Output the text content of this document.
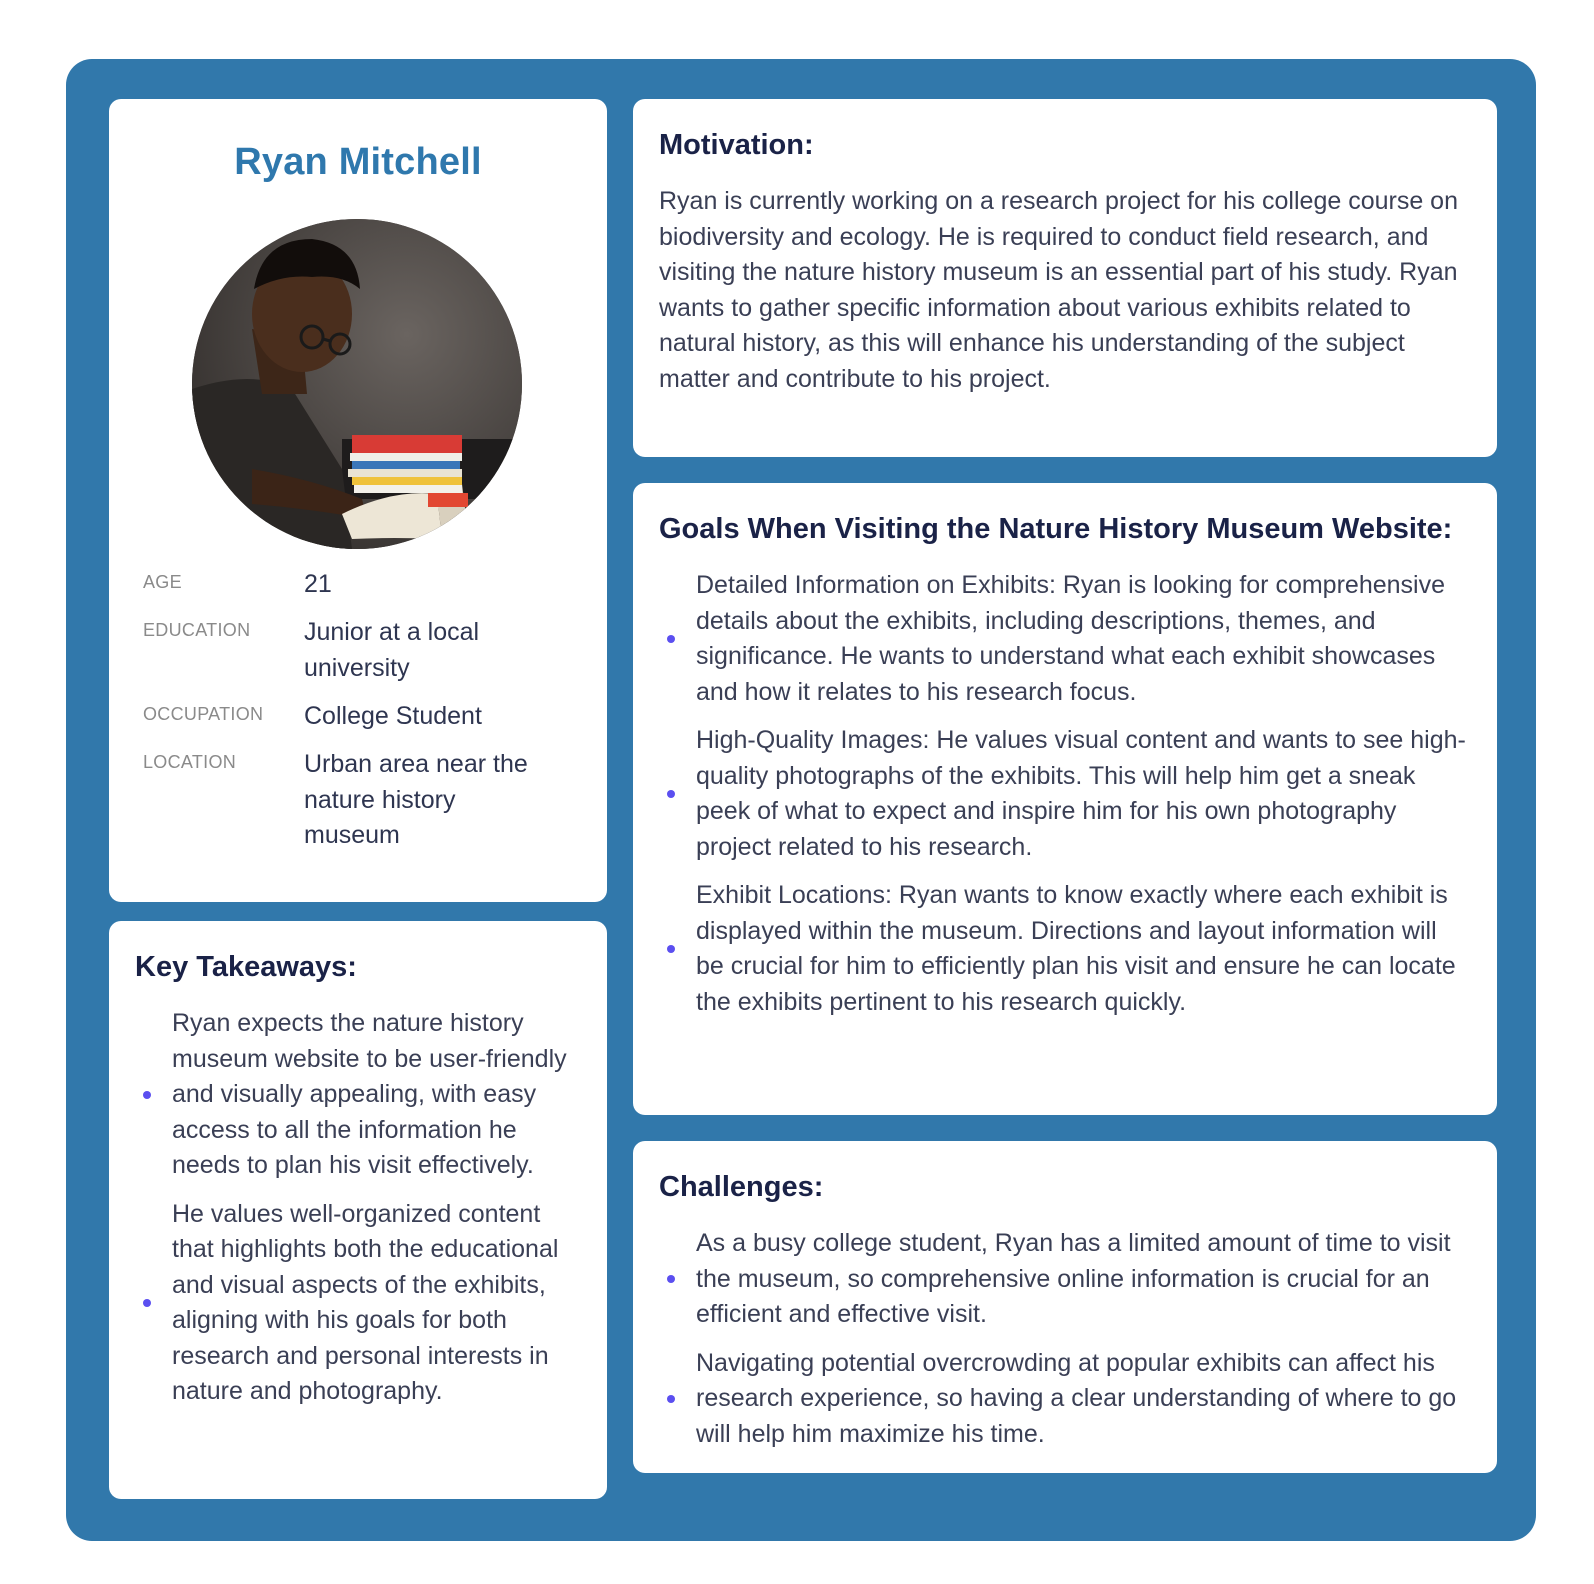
Ryan Mitchell
AGE	21
EDUCATION Junior at a local university
OCCUPATION College Student
LOCATION	Urban area near the nature history museum
Key Takeaways:
Ryan expects the nature history museum website to be user-friendly and visually appealing, with easy access to all the information he needs to plan his visit effectively.
He values well-organized content that highlights both the educational and visual aspects of the exhibits, aligning with his goals for both research and personal interests in nature and photography.
Motivation:

Ryan is currently working on a research project for his college course on biodiversity and ecology. He is required to conduct field research, and visiting the nature history museum is an essential part of his study. Ryan wants to gather specific information about various exhibits related to natural history, as this will enhance his understanding of the subject matter and contribute to his project.

Goals When Visiting the Nature History Museum Website:
Detailed Information on Exhibits: Ryan is looking for comprehensive details about the exhibits, including descriptions, themes, and significance. He wants to understand what each exhibit showcases and how it relates to his research focus.
High-Quality Images: He values visual content and wants to see high-quality photographs of the exhibits. This will help him get a sneak peek of what to expect and inspire him for his own photography project related to his research.
Exhibit Locations: Ryan wants to know exactly where each exhibit is displayed within the museum. Directions and layout information will be crucial for him to efficiently plan his visit and ensure he can locate the exhibits pertinent to his research quickly.
Challenges:
As a busy college student, Ryan has a limited amount of time to visit the museum, so comprehensive online information is crucial for an efficient and effective visit.
Navigating potential overcrowding at popular exhibits can affect his research experience, so having a clear understanding of where to go will help him maximize his time.
